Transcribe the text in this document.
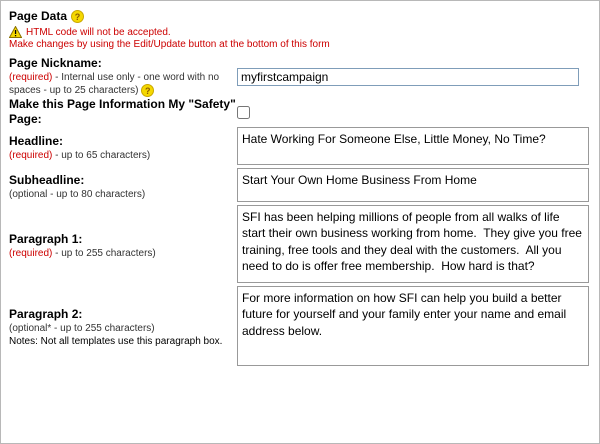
Page Data ?
HTML code will not be accepted.
Make changes by using the Edit/Update button at the bottom of this form
Page Nickname:
(required) - Internal use only - one word with no spaces - up to 25 characters) ?
	myfirstcampaign

Make this Page Information My "Safety" Page:

Headline:
(required) - up to 65 characters)
	Hate Working For Someone Else, Little Money, No Time?

Subheadline:
(optional - up to 80 characters)
	Start Your Own Home Business From Home

Paragraph 1:
(required) - up to 255 characters)
	SFI has been helping millions of people from all walks of life start their own business working from home. They give you free training, free tools and they deal with the customers. All you need to do is offer free membership. How hard is that?

Paragraph 2:
(optional* - up to 255 characters)
Notes: Not all templates use this paragraph box.
	For more information on how SFI can help you build a better future for yourself and your family enter your name and email address below.
